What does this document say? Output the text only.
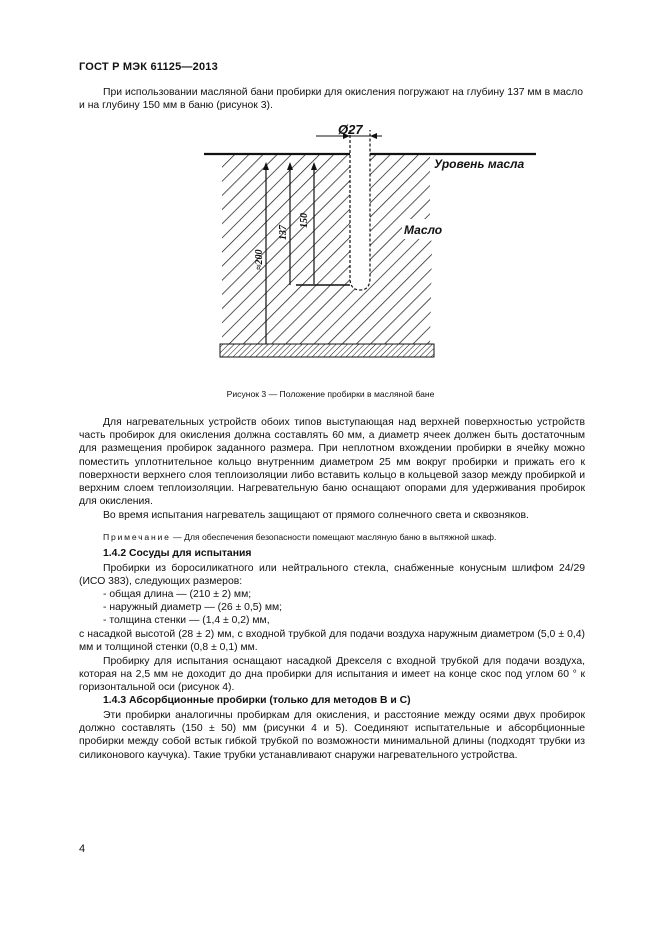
ГОСТ Р МЭК 61125—2013

При использовании масляной бани пробирки для окисления погружают на глубину 137 мм в масло
и на глубину 150 мм в баню (рисунок 3).

Ø27
150
137
≈200
Уровень масла
Масло
Рисунок 3 — Положение пробирки в масляной бане

Для нагревательных устройств обоих типов выступающая над верхней поверхностью устройств часть пробирок для окисления должна составлять 60 мм, а диаметр ячеек должен быть достаточным для размещения пробирок заданного размера. При неплотном вхождении пробирки в ячейку можно поместить уплотнительное кольцо внутренним диаметром 25 мм вокруг пробирки и прижать его к поверхности верхнего слоя теплоизоляции либо вставить кольцо в кольцевой зазор между пробиркой и верхним слоем теплоизоляции. Нагревательную баню оснащают опорами для удерживания пробирок для окисления.

Во время испытания нагреватель защищают от прямого солнечного света и сквозняков.

Примечание — Для обеспечения безопасности помещают масляную баню в вытяжной шкаф.
1.4.2 Сосуды для испытания

Пробирки из боросиликатного или нейтрального стекла, снабженные конусным шлифом 24/29 (ИСО 383), следующих размеров:

- общая длина — (210 ± 2) мм;
- наружный диаметр — (26 ± 0,5) мм;
- толщина стенки — (1,4 ± 0,2) мм,

с насадкой высотой (28 ± 2) мм, с входной трубкой для подачи воздуха наружным диаметром (5,0 ± 0,4) мм и толщиной стенки (0,8 ± 0,1) мм.

Пробирку для испытания оснащают насадкой Дрекселя с входной трубкой для подачи воздуха, которая на 2,5 мм не доходит до дна пробирки для испытания и имеет на конце скос под углом 60 ° к горизонтальной оси (рисунок 4).

1.4.3 Абсорбционные пробирки (только для методов B и C)

Эти пробирки аналогичны пробиркам для окисления, и расстояние между осями двух пробирок должно составлять (150 ± 50) мм (рисунки 4 и 5). Соединяют испытательные и абсорбционные пробирки между собой встык гибкой трубкой по возможности минимальной длины (подходят трубки из силиконового каучука). Такие трубки устанавливают снаружи нагревательного устройства.

4
